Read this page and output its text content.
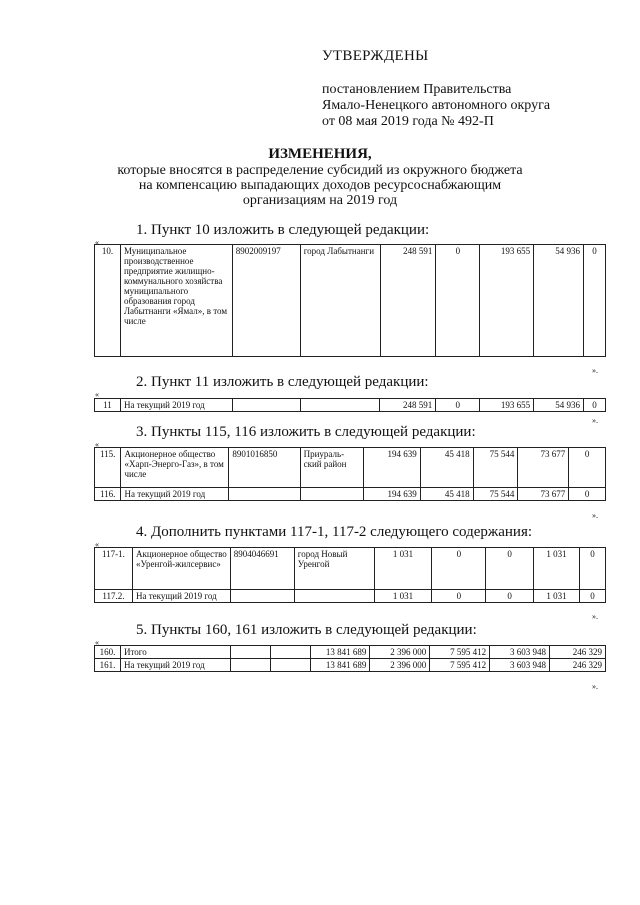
УТВЕРЖДЕНЫ
постановлением Правительства
Ямало-Ненецкого автономного округа
от 08 мая 2019 года № 492-П
ИЗМЕНЕНИЯ,
которые вносятся в распределение субсидий из окружного бюджета
на компенсацию выпадающих доходов ресурсоснабжающим
организациям на 2019 год
1. Пункт 10 изложить в следующей редакции:
«
10.	Муниципальное производственное предприятие жилищно-коммунального хозяйства муниципального образования город Лабытнанги «Ямал», в том числе	8902009197	город Лабытнанги	248 591	0	193 655	54 936	0
».
2. Пункт 11 изложить в следующей редакции:
«
11	На текущий 2019 год			248 591	0	193 655	54 936	0
».
3. Пункты 115, 116 изложить в следующей редакции:
«
115.	Акционерное общество «Харп-Энерго-Газ», в том числе	8901016850	Приураль-ский район	194 639	45 418	75 544	73 677	0
116.	На текущий 2019 год			194 639	45 418	75 544	73 677	0
».
4. Дополнить пунктами 117-1, 117-2 следующего содержания:
«
117-1.	Акционерное общество «Уренгой-жилсервис»	8904046691	город Новый Уренгой	1 031	0	0	1 031	0
117.2.	На текущий 2019 год			1 031	0	0	1 031	0
».
5. Пункты 160, 161 изложить в следующей редакции:
«
160.	Итого			13 841 689	2 396 000	7 595 412	3 603 948	246 329
161.	На текущий 2019 год			13 841 689	2 396 000	7 595 412	3 603 948	246 329
».
